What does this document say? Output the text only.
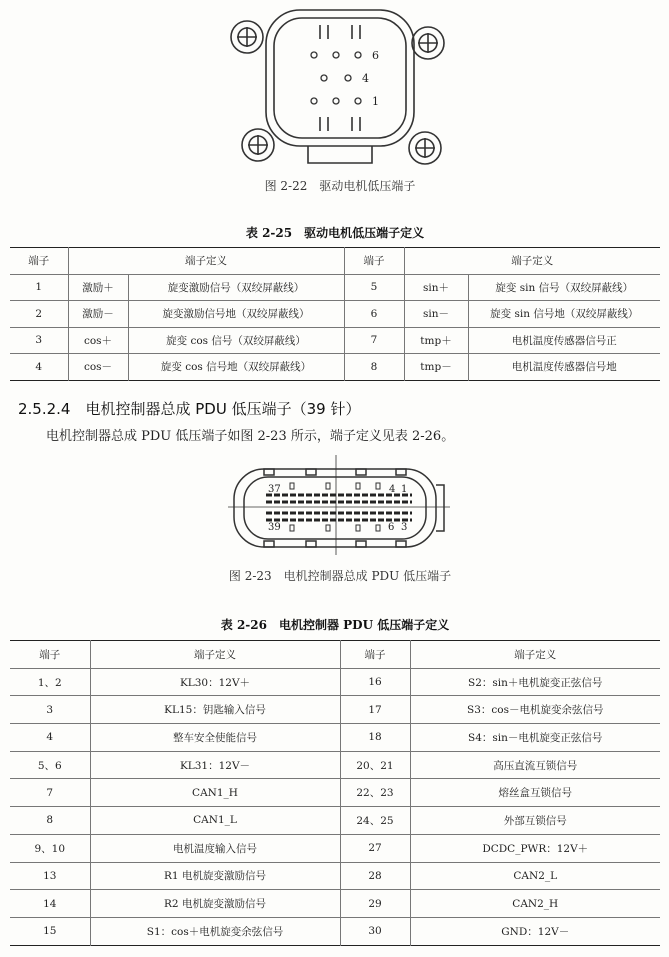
6
4
1
图 2-22　驱动电机低压端子
表 2-25　驱动电机低压端子定义
端子	端子定义		端子	端子定义	
1	激励＋	旋变激励信号（双绞屏蔽线）	5	sin＋	旋变 sin 信号（双绞屏蔽线）
2	激励－	旋变激励信号地（双绞屏蔽线）	6	sin－	旋变 sin 信号地（双绞屏蔽线）
3	cos＋	旋变 cos 信号（双绞屏蔽线）	7	tmp＋	电机温度传感器信号正
4	cos－	旋变 cos 信号地（双绞屏蔽线）	8	tmp－	电机温度传感器信号地
2.5.2.4　电机控制器总成 PDU 低压端子（39 针）
电机控制器总成 PDU 低压端子如图 2-23 所示，端子定义见表 2-26。
37	4 1
39	6 3
图 2-23　电机控制器总成 PDU 低压端子
表 2-26　电机控制器 PDU 低压端子定义
端子	端子定义	端子	端子定义
1、2	KL30：12V＋	16	S2：sin＋电机旋变正弦信号
3	KL15：钥匙输入信号	17	S3：cos－电机旋变余弦信号
4	整车安全使能信号	18	S4：sin－电机旋变正弦信号
5、6	KL31：12V－	20、21	高压直流互锁信号
7	CAN1_H	22、23	熔丝盒互锁信号
8	CAN1_L	24、25	外部互锁信号
9、10	电机温度输入信号	27	DCDC_PWR：12V＋
13	R1 电机旋变激励信号	28	CAN2_L
14	R2 电机旋变激励信号	29	CAN2_H
15	S1：cos＋电机旋变余弦信号	30	GND：12V－
